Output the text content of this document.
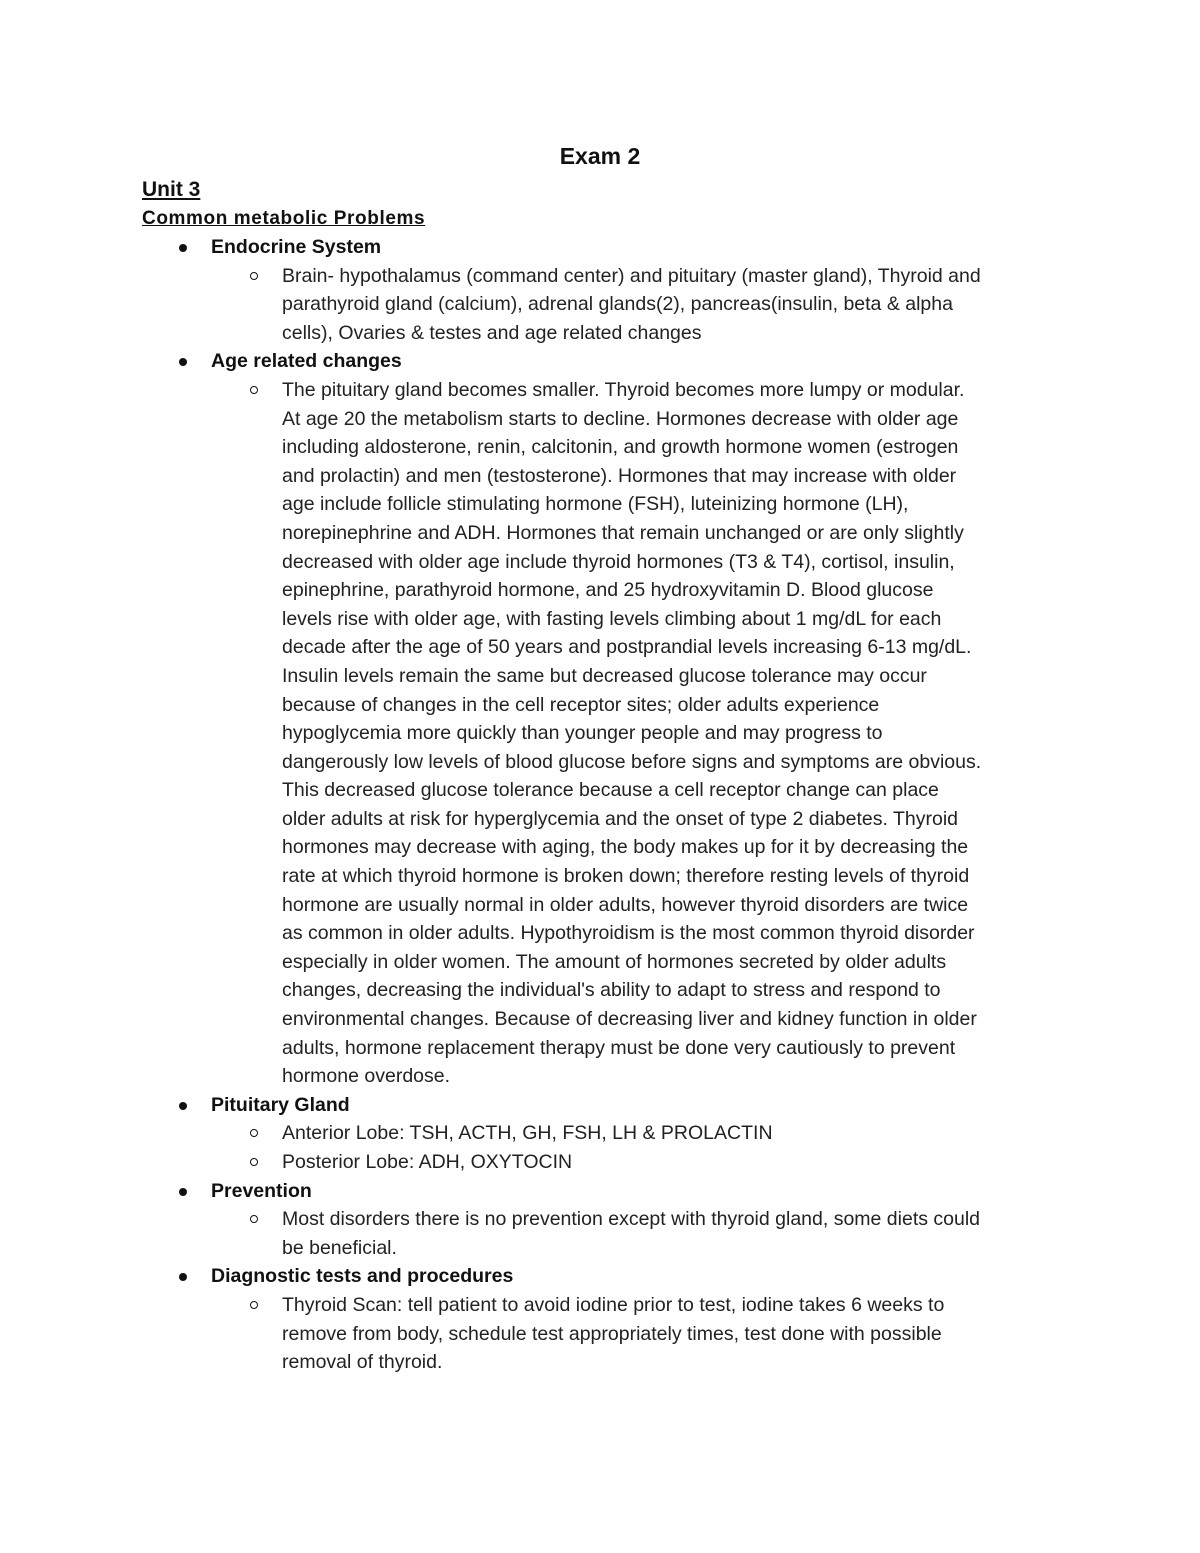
Exam 2
Unit 3
Common metabolic Problems
Endocrine System
Brain- hypothalamus (command center) and pituitary (master gland), Thyroid and parathyroid gland (calcium), adrenal glands(2), pancreas(insulin, beta & alpha cells), Ovaries & testes and age related changes
Age related changes
The pituitary gland becomes smaller. Thyroid becomes more lumpy or modular. At age 20 the metabolism starts to decline. Hormones decrease with older age including aldosterone, renin, calcitonin, and growth hormone women (estrogen and prolactin) and men (testosterone). Hormones that may increase with older age include follicle stimulating hormone (FSH), luteinizing hormone (LH), norepinephrine and ADH. Hormones that remain unchanged or are only slightly decreased with older age include thyroid hormones (T3 & T4), cortisol, insulin, epinephrine, parathyroid hormone, and 25 hydroxyvitamin D. Blood glucose levels rise with older age, with fasting levels climbing about 1 mg/dL for each decade after the age of 50 years and postprandial levels increasing 6-13 mg/dL. Insulin levels remain the same but decreased glucose tolerance may occur because of changes in the cell receptor sites; older adults experience hypoglycemia more quickly than younger people and may progress to dangerously low levels of blood glucose before signs and symptoms are obvious. This decreased glucose tolerance because a cell receptor change can place older adults at risk for hyperglycemia and the onset of type 2 diabetes. Thyroid hormones may decrease with aging, the body makes up for it by decreasing the rate at which thyroid hormone is broken down; therefore resting levels of thyroid hormone are usually normal in older adults, however thyroid disorders are twice as common in older adults. Hypothyroidism is the most common thyroid disorder especially in older women. The amount of hormones secreted by older adults changes, decreasing the individual's ability to adapt to stress and respond to environmental changes. Because of decreasing liver and kidney function in older adults, hormone replacement therapy must be done very cautiously to prevent hormone overdose.
Pituitary Gland
Anterior Lobe: TSH, ACTH, GH, FSH, LH & PROLACTIN
Posterior Lobe: ADH, OXYTOCIN
Prevention
Most disorders there is no prevention except with thyroid gland, some diets could be beneficial.
Diagnostic tests and procedures
Thyroid Scan: tell patient to avoid iodine prior to test, iodine takes 6 weeks to remove from body, schedule test appropriately times, test done with possible removal of thyroid.
